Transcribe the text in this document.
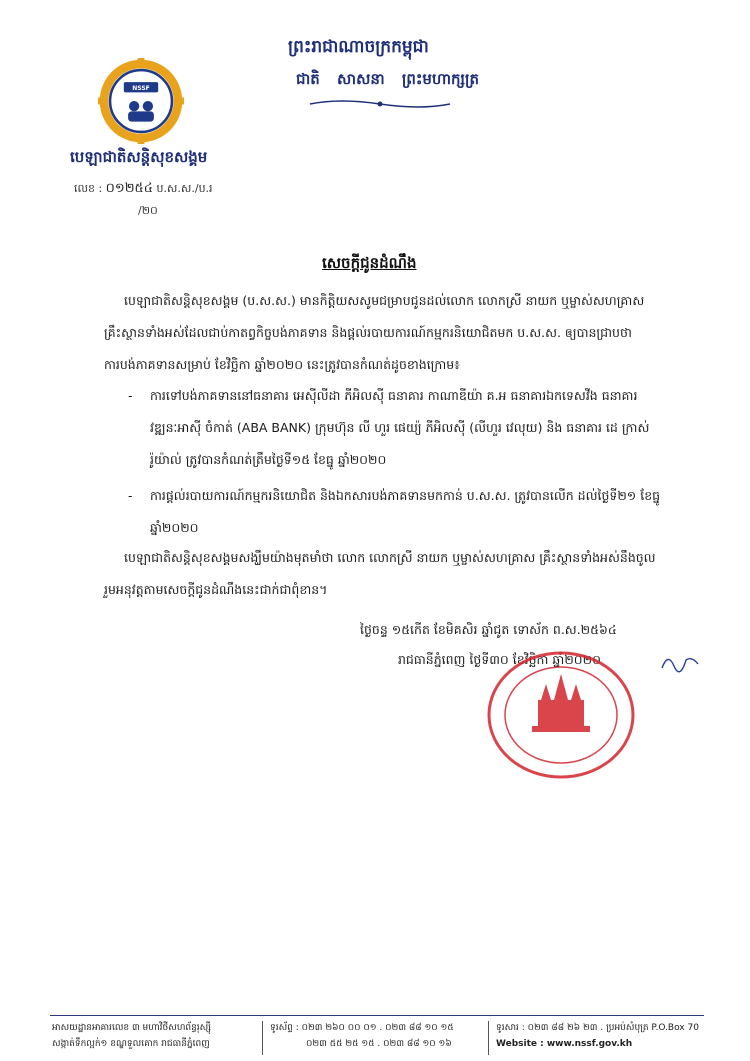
NSSF
បេឡាជាតិសន្តិសុខសង្គម
លេខ : ០១២៥៤ ប.ស.ស./ប.រ
/២០
ព្រះរាជាណាចក្រកម្ពុជា
ជាតិ សាសនា ព្រះមហាក្សត្រ
សេចក្តីជូនដំណឹង
បេឡាជាតិសន្តិសុខសង្គម (ប.ស.ស.) មានកិត្តិយសសូមជម្រាបជូនដល់លោក លោកស្រី នាយក ឬម្ចាស់សហគ្រាស គ្រឹះស្ថានទាំងអស់ដែលជាប់កាតព្វកិច្ចបង់ភាគទាន និងផ្តល់របាយការណ៍កម្មករនិយោជិតមក ប.ស.ស. ឲ្យបានជ្រាបថា ការបង់ភាគទានសម្រាប់ ខែវិច្ឆិកា ឆ្នាំ២០២០ នេះត្រូវបានកំណត់ដូចខាងក្រោម៖
- ការទៅបង់ភាគទាននៅធនាគារ អេស៊ីលីដា ភីអិលស៊ី ធនាគារ កាណាឌីយ៉ា គ.អ ធនាគារឯកទេសវីង ធនាគារ វឌ្ឍនៈអាស៊ី ចំកាត់ (ABA BANK) ក្រុមហ៊ុន លី ហួរ ផេយ្យ៉ ភីអិលស៊ី (លីហួរ វេលុយ) និង ធនាគារ ដេ ក្រាស់ រ៉ូយ៉ាល់ ត្រូវបានកំណត់ត្រឹមថ្ងៃទី១៥ ខែធ្នូ ឆ្នាំ២០២០
- ការផ្តល់របាយការណ៍កម្មករនិយោជិត និងឯកសារបង់ភាគទានមកកាន់ ប.ស.ស. ត្រូវបានលើក ដល់ថ្ងៃទី២១ ខែធ្នូ ឆ្នាំ២០២០
បេឡាជាតិសន្តិសុខសង្គមសង្ឃឹមយ៉ាងមុតមាំថា លោក លោកស្រី នាយក ឬម្ចាស់សហគ្រាស គ្រឹះស្ថានទាំងអស់នឹងចូលរួមអនុវត្តតាមសេចក្តីជូនដំណឹងនេះជាក់ជាពុំខាន។
ថ្ងៃចន្ទ ១៥កើត ខែមិគសិរ ឆ្នាំជូត ទោស័ក ព.ស.២៥៦៤
រាជធានីភ្នំពេញ ថ្ងៃទី៣០ ខែវិច្ឆិកា ឆ្នាំ២០២០
អាសយដ្ឋានអាគារលេខ ៣ មហាវិថីសហព័ន្ធរុស្ស៊ី
សង្កាត់ទឹកល្អក់១ ខណ្ឌទួលគោក រាជធានីភ្នំពេញ
ទូរស័ព្ទ : ០២៣ ២៦០ ០០ ០១ . ០២៣ ៨៨ ១០ ១៥
០២៣ ៥៥ ២៥ ១៥ . ០២៣ ៨៨ ១០ ១៦
ទូរសារ : ០២៣ ៨៨ ២៦ ២៣ . ប្រអប់សំបុត្រ P.O.Box 70
Website : www.nssf.gov.kh
